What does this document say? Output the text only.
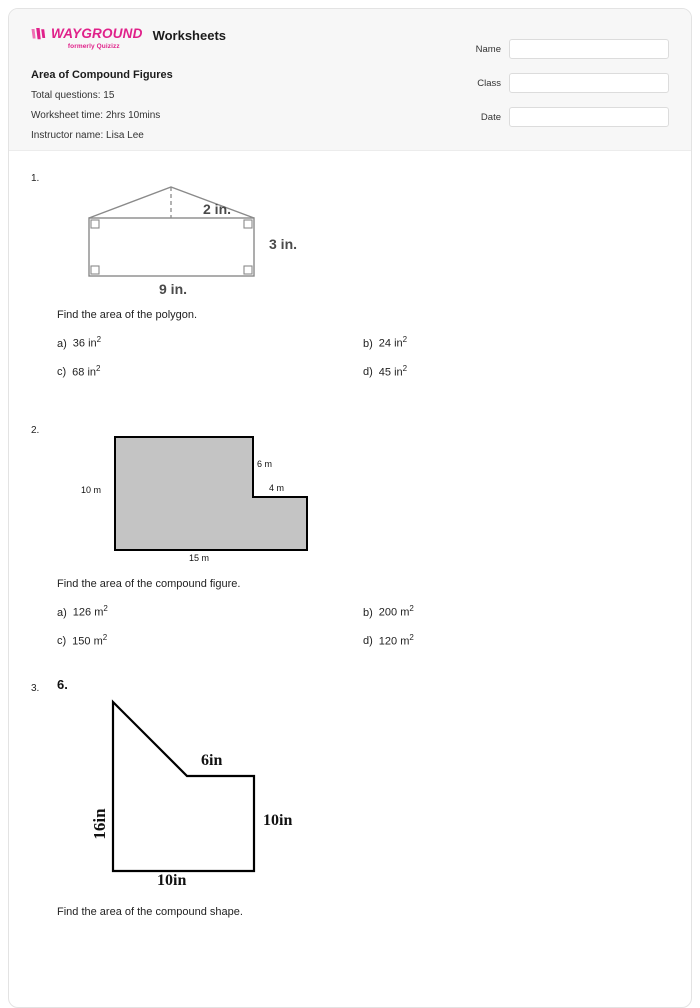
WAYGROUND
formerly Quizizz
Worksheets
Area of Compound Figures
Total questions: 15
Worksheet time: 2hrs 10mins
Instructor name: Lisa Lee
Name
Class
Date
1.
2 in.
3 in.
9 in.
Find the area of the polygon.
a) 36 $in^2$	b) 24 $in^2$
c) 68 $in^2$	d) 45 $in^2$
2.
10 m
6 m
4 m
15 m
Find the area of the compound figure.
a) 126 $m^2$	b) 200 $m^2$
c) 150 $m^2$	d) 120 $m^2$
3.	6.
16in
6in
10in
10in
Find the area of the compound shape.
